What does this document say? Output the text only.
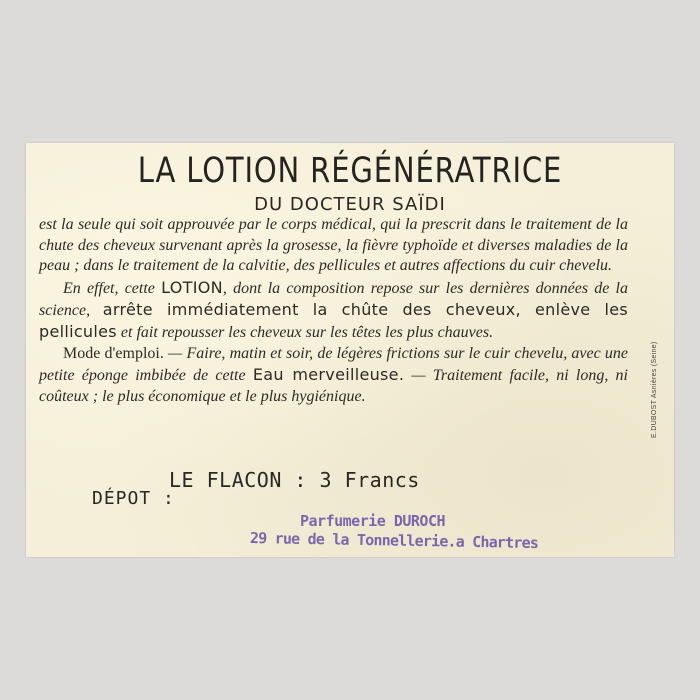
LA LOTION RÉGÉNÉRATRICE
DU DOCTEUR SAÏDI

est la seule qui soit approuvée par le corps médical, qui la prescrit dans le traitement de la chute des cheveux survenant après la grosesse, la fièvre typhoïde et diverses maladies de la peau ; dans le traitement de la calvitie, des pellicules et autres affections du cuir chevelu.

En effet, cette LOTION, dont la composition repose sur les dernières données de la science, arrête immédiatement la chûte des cheveux, enlève les pellicules et fait repousser les cheveux sur les têtes les plus chauves.

Mode d'emploi. — Faire, matin et soir, de légères frictions sur le cuir chevelu, avec une petite éponge imbibée de cette Eau merveilleuse. — Traitement facile, ni long, ni coûteux ; le plus économique et le plus hygiénique.

LE FLACON : 3 Francs
DÉPOT :
Parfumerie DUROCH
29 rue de la Tonnellerie.a Chartres
E.DUBOST Asnières (Seine)
